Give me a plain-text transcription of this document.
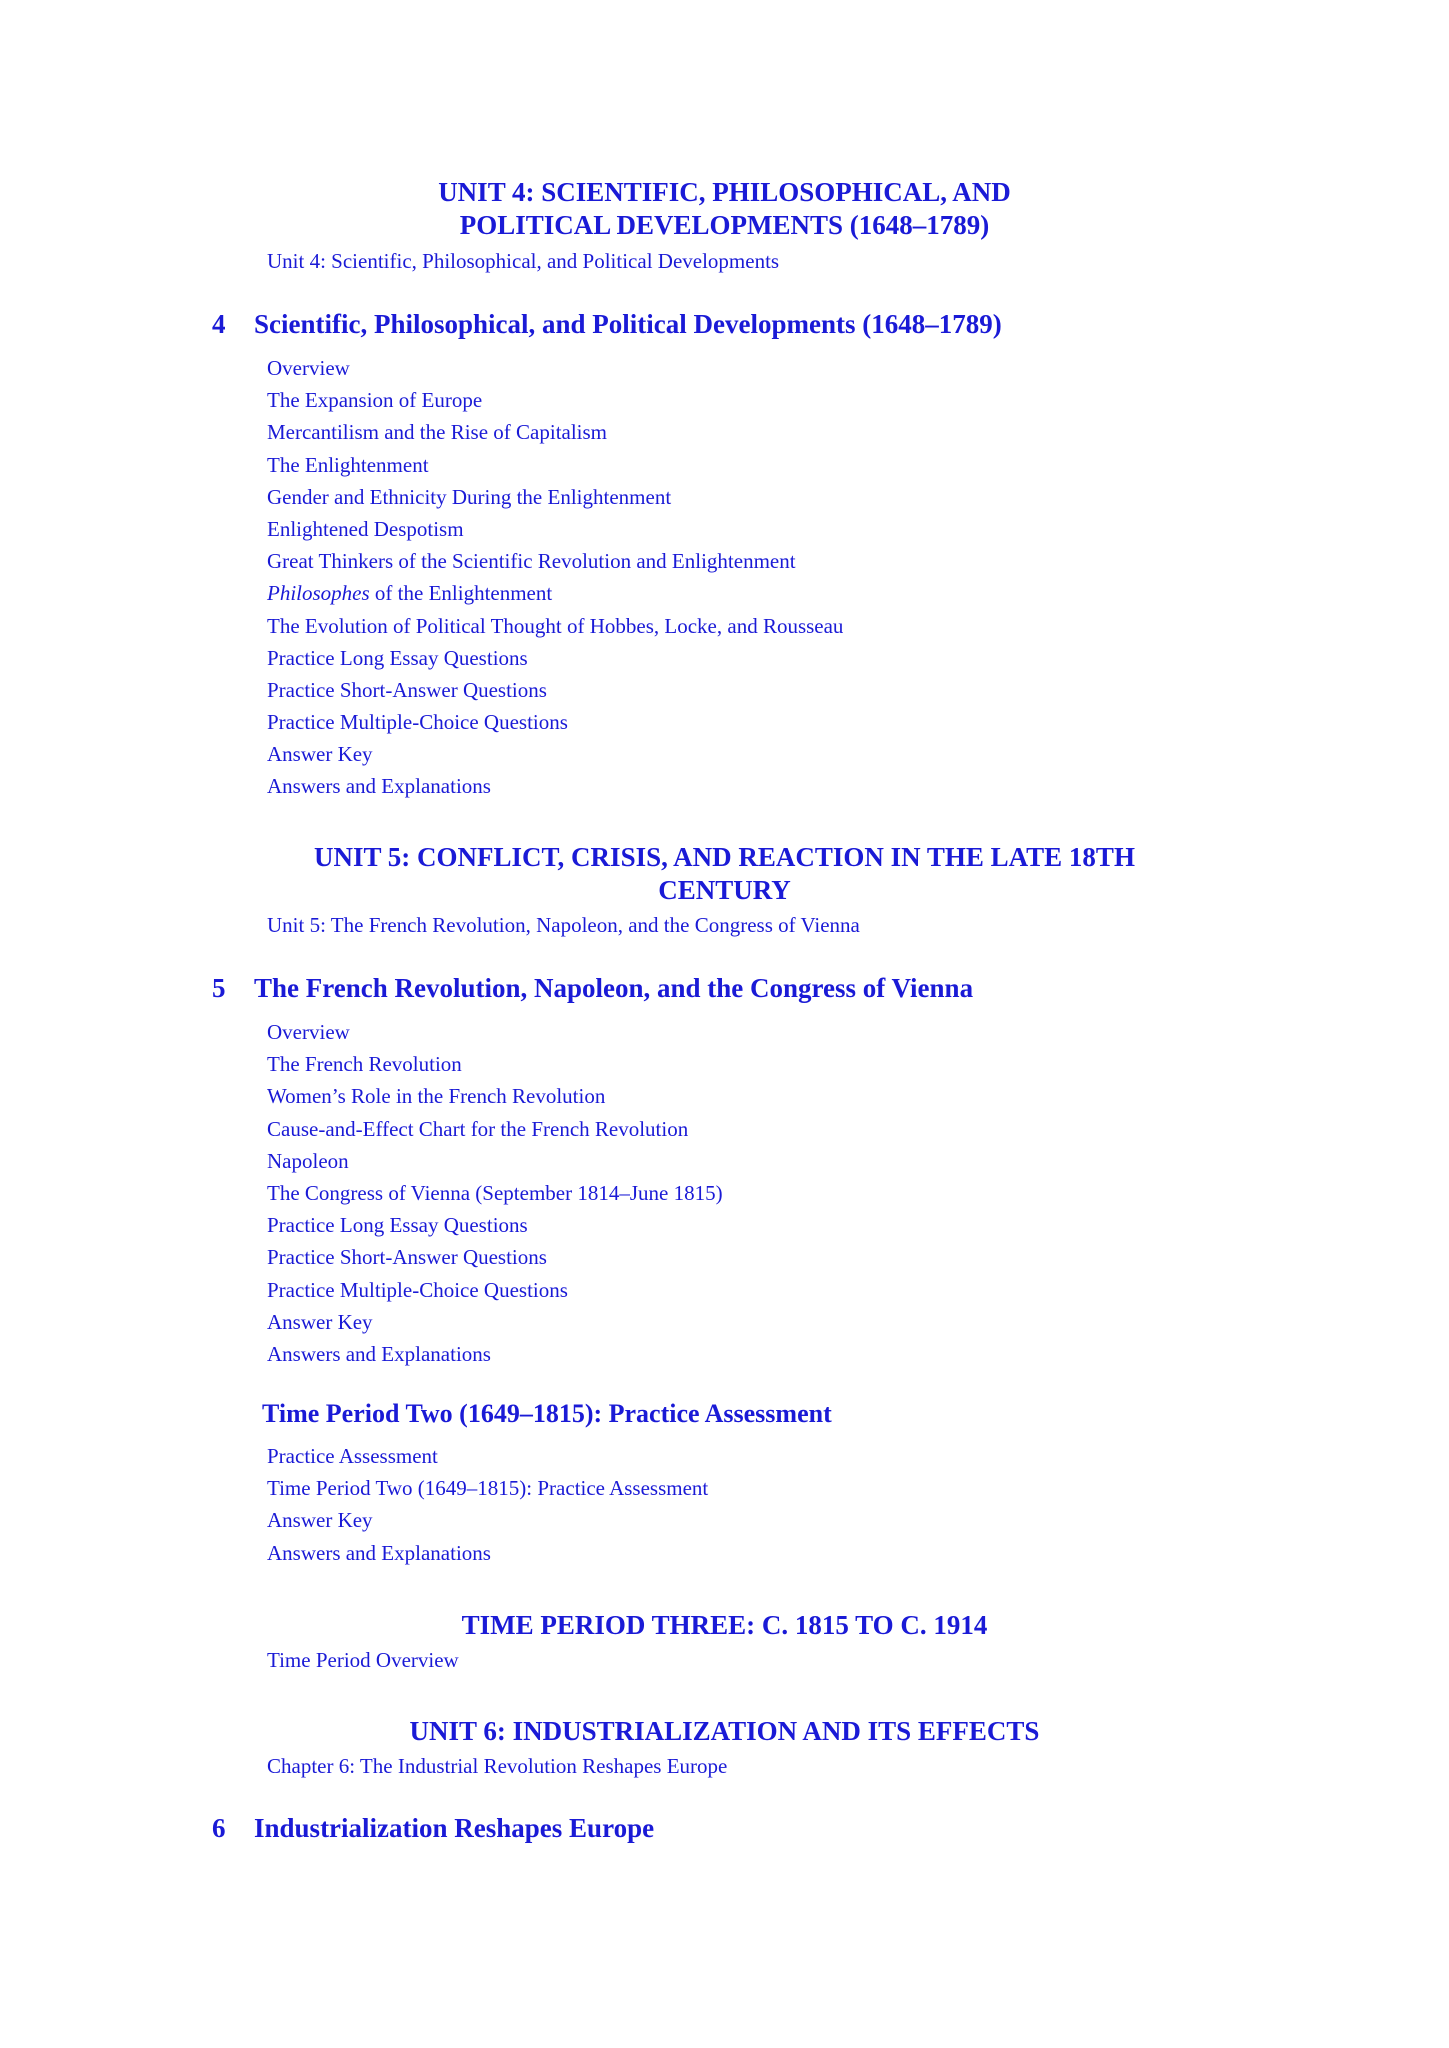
UNIT 4: SCIENTIFIC, PHILOSOPHICAL, AND
POLITICAL DEVELOPMENTS (1648–1789)
Unit 4: Scientific, Philosophical, and Political Developments
4 Scientific, Philosophical, and Political Developments (1648–1789)
Overview
The Expansion of Europe
Mercantilism and the Rise of Capitalism
The Enlightenment
Gender and Ethnicity During the Enlightenment
Enlightened Despotism
Great Thinkers of the Scientific Revolution and Enlightenment
Philosophes of the Enlightenment
The Evolution of Political Thought of Hobbes, Locke, and Rousseau
Practice Long Essay Questions
Practice Short-Answer Questions
Practice Multiple-Choice Questions
Answer Key
Answers and Explanations
UNIT 5: CONFLICT, CRISIS, AND REACTION IN THE LATE 18TH
CENTURY
Unit 5: The French Revolution, Napoleon, and the Congress of Vienna
5 The French Revolution, Napoleon, and the Congress of Vienna
Overview
The French Revolution
Women’s Role in the French Revolution
Cause-and-Effect Chart for the French Revolution
Napoleon
The Congress of Vienna (September 1814–June 1815)
Practice Long Essay Questions
Practice Short-Answer Questions
Practice Multiple-Choice Questions
Answer Key
Answers and Explanations
Time Period Two (1649–1815): Practice Assessment
Practice Assessment
Time Period Two (1649–1815): Practice Assessment
Answer Key
Answers and Explanations
TIME PERIOD THREE: C. 1815 TO C. 1914
Time Period Overview
UNIT 6: INDUSTRIALIZATION AND ITS EFFECTS
Chapter 6: The Industrial Revolution Reshapes Europe
6 Industrialization Reshapes Europe
